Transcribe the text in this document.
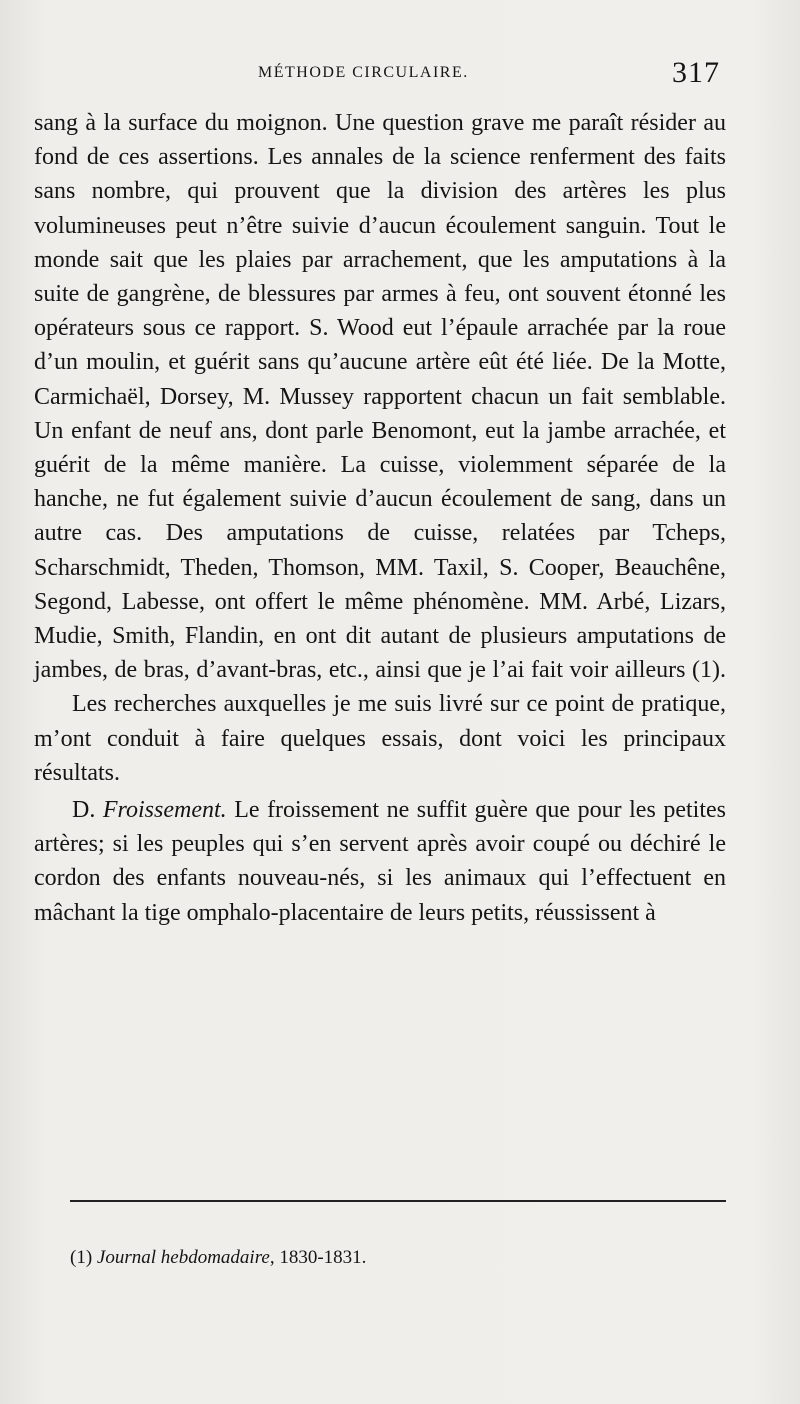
MÉTHODE CIRCULAIRE.	317

sang à la surface du moignon. Une question grave me paraît résider au fond de ces assertions. Les annales de la science renferment des faits sans nombre, qui prouvent que la division des artères les plus volumineuses peut n’être suivie d’aucun écoulement sanguin. Tout le monde sait que les plaies par arrachement, que les amputations à la suite de gangrène, de blessures par armes à feu, ont souvent étonné les opérateurs sous ce rapport. S. Wood eut l’épaule arrachée par la roue d’un moulin, et guérit sans qu’aucune artère eût été liée. De la Motte, Carmichaël, Dorsey, M. Mussey rapportent chacun un fait semblable. Un enfant de neuf ans, dont parle Benomont, eut la jambe arrachée, et guérit de la même manière. La cuisse, violemment séparée de la hanche, ne fut également suivie d’aucun écoulement de sang, dans un autre cas. Des amputations de cuisse, relatées par Tcheps, Scharschmidt, Theden, Thomson, MM. Taxil, S. Cooper, Beauchêne, Segond, Labesse, ont offert le même phénomène. MM. Arbé, Lizars, Mudie, Smith, Flandin, en ont dit autant de plusieurs amputations de jambes, de bras, d’avant-bras, etc., ainsi que je l’ai fait voir ailleurs (1).

Les recherches auxquelles je me suis livré sur ce point de pratique, m’ont conduit à faire quelques essais, dont voici les principaux résultats.

D. Froissement. Le froissement ne suffit guère que pour les petites artères; si les peuples qui s’en servent après avoir coupé ou déchiré le cordon des enfants nouveau-nés, si les animaux qui l’effectuent en mâchant la tige omphalo-placentaire de leurs petits, réussissent à

(1) Journal hebdomadaire, 1830-1831.
